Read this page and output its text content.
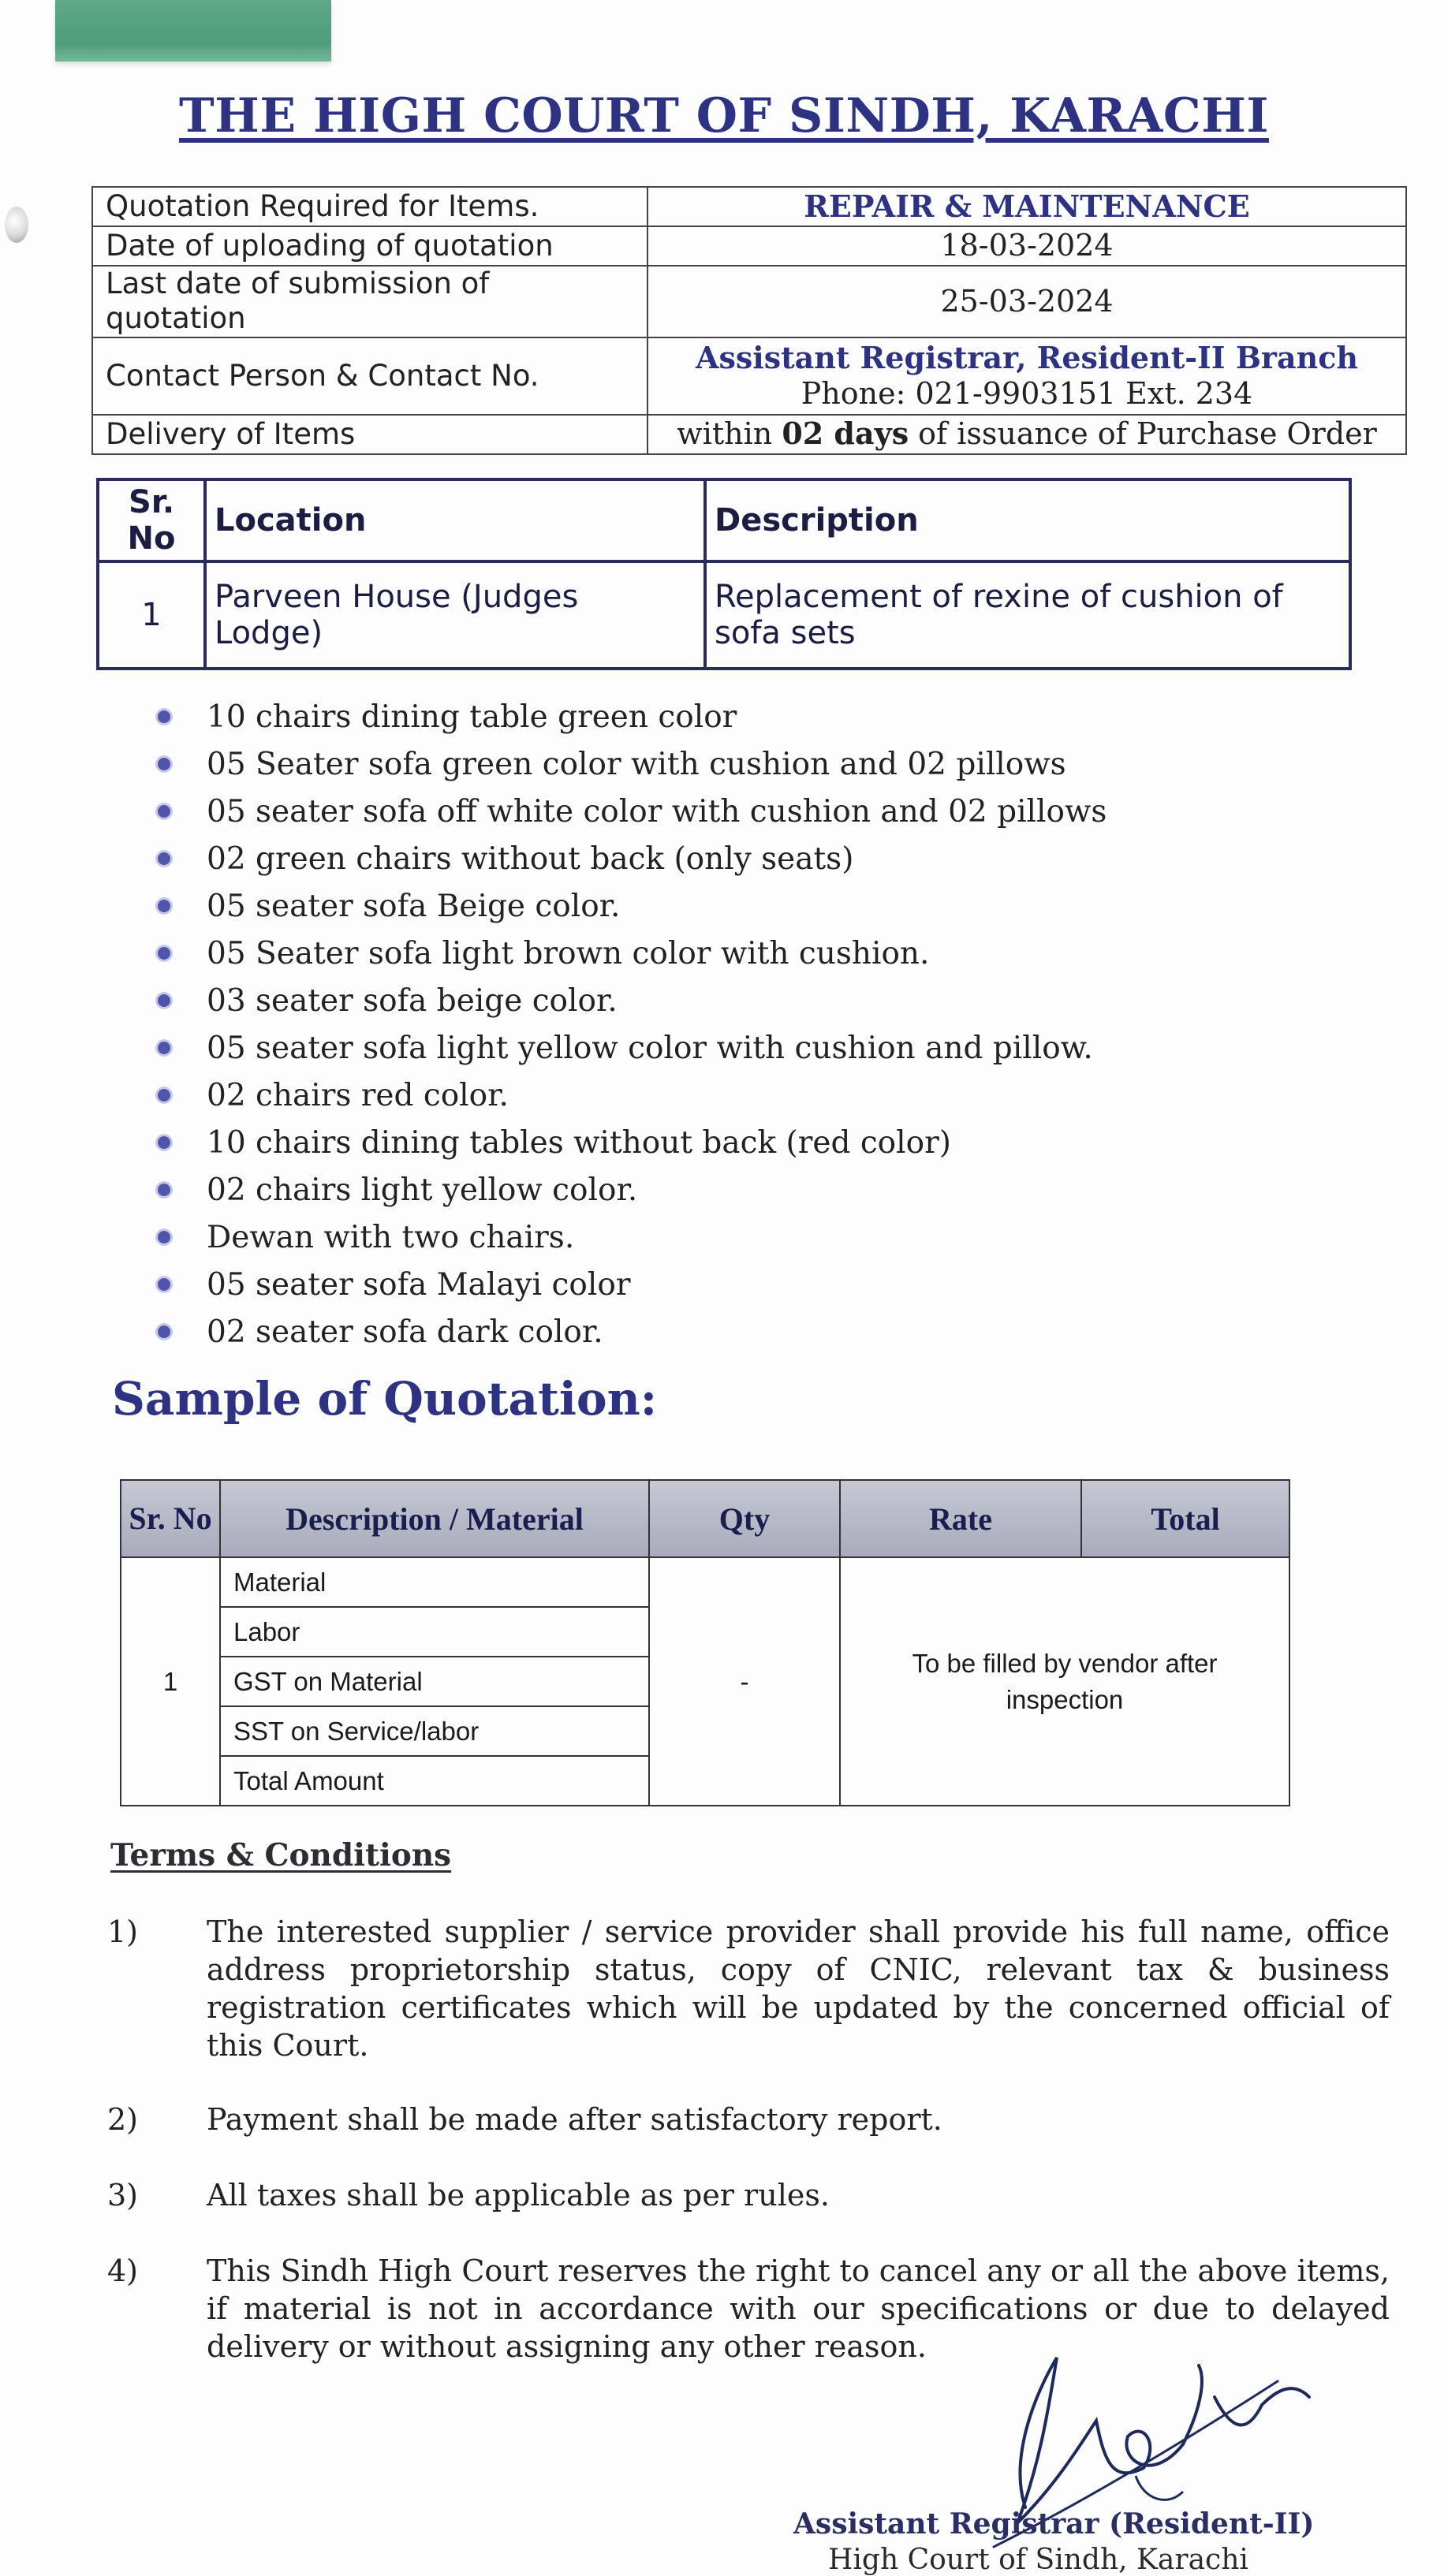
THE HIGH COURT OF SINDH, KARACHI
Quotation Required for Items.	REPAIR & MAINTENANCE
Date of uploading of quotation	18-03-2024
Last date of submission of quotation	25-03-2024
Contact Person & Contact No.	Assistant Registrar, Resident-II Branch
Phone: 021-9903151 Ext. 234

Delivery of Items	within 02 days of issuance of Purchase Order
Sr. No	Location	Description
1	Parveen House (Judges Lodge)	Replacement of rexine of cushion of sofa sets
10 chairs dining table green color
05 Seater sofa green color with cushion and 02 pillows
05 seater sofa off white color with cushion and 02 pillows
02 green chairs without back (only seats)
05 seater sofa Beige color.
05 Seater sofa light brown color with cushion.
03 seater sofa beige color.
05 seater sofa light yellow color with cushion and pillow.
02 chairs red color.
10 chairs dining tables without back (red color)
02 chairs light yellow color.
Dewan with two chairs.
05 seater sofa Malayi color
02 seater sofa dark color.
Sample of Quotation:
Sr. No	Description / Material	Qty	Rate	Total
1	Material	-	To be filled by vendor after inspection	
	Labor			
	GST on Material			
	SST on Service/labor			
	Total Amount			
Terms & Conditions
1) The interested supplier / service provider shall provide his full name, office address proprietorship status, copy of CNIC, relevant tax & business registration certificates which will be updated by the concerned official of this Court.
2) Payment shall be made after satisfactory report.
3) All taxes shall be applicable as per rules.
4) This Sindh High Court reserves the right to cancel any or all the above items, if material is not in accordance with our specifications or due to delayed delivery or without assigning any other reason.
Assistant Registrar (Resident-II)
High Court of Sindh, Karachi
